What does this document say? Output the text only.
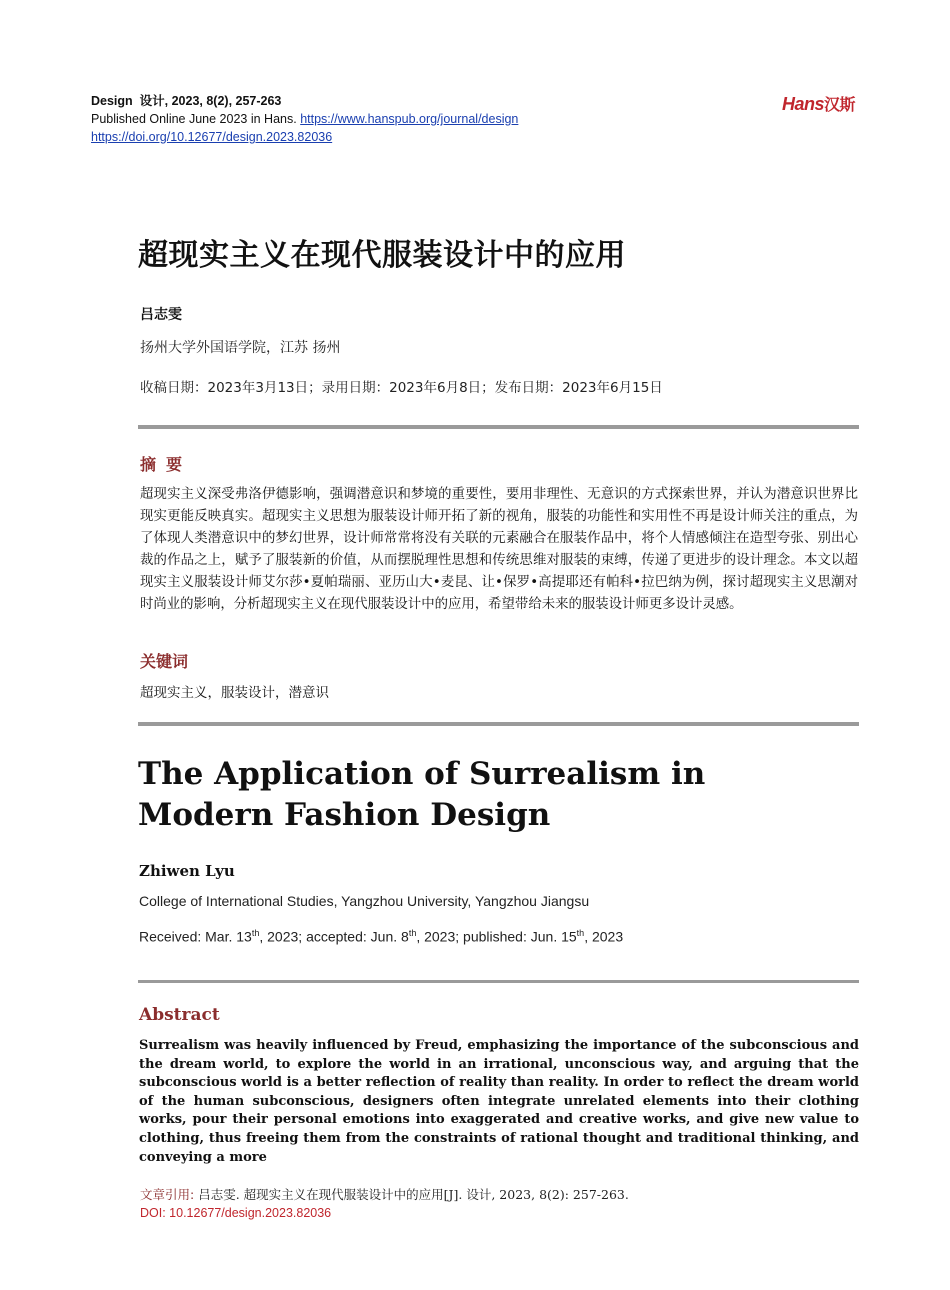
Design 设计, 2023, 8(2), 257-263
Published Online June 2023 in Hans. https://www.hanspub.org/journal/design
https://doi.org/10.12677/design.2023.82036
Hans汉斯
超现实主义在现代服装设计中的应用
吕志雯
扬州大学外国语学院，江苏 扬州
收稿日期：2023年3月13日；录用日期：2023年6月8日；发布日期：2023年6月15日
摘要
超现实主义深受弗洛伊德影响，强调潜意识和梦境的重要性，要用非理性、无意识的方式探索世界，并认为潜意识世界比现实更能反映真实。超现实主义思想为服装设计师开拓了新的视角，服装的功能性和实用性不再是设计师关注的重点，为了体现人类潜意识中的梦幻世界，设计师常常将没有关联的元素融合在服装作品中，将个人情感倾注在造型夸张、别出心裁的作品之上，赋予了服装新的价值，从而摆脱理性思想和传统思维对服装的束缚，传递了更进步的设计理念。本文以超现实主义服装设计师艾尔莎•夏帕瑞丽、亚历山大•麦昆、让•保罗•高提耶还有帕科•拉巴纳为例，探讨超现实主义思潮对时尚业的影响，分析超现实主义在现代服装设计中的应用，希望带给未来的服装设计师更多设计灵感。
关键词
超现实主义，服装设计，潜意识
The Application of Surrealism in
Modern Fashion Design
Zhiwen Lyu
College of International Studies, Yangzhou University, Yangzhou Jiangsu
Received: Mar. 13th, 2023; accepted: Jun. 8th, 2023; published: Jun. 15th, 2023
Abstract
Surrealism was heavily influenced by Freud, emphasizing the importance of the subconscious and the dream world, to explore the world in an irrational, unconscious way, and arguing that the subconscious world is a better reflection of reality than reality. In order to reflect the dream world of the human subconscious, designers often integrate unrelated elements into their clothing works, pour their personal emotions into exaggerated and creative works, and give new value to clothing, thus freeing them from the constraints of rational thought and traditional thinking, and conveying a more
文章引用: 吕志雯. 超现实主义在现代服装设计中的应用[J]. 设计, 2023, 8(2): 257-263.
DOI: 10.12677/design.2023.82036
